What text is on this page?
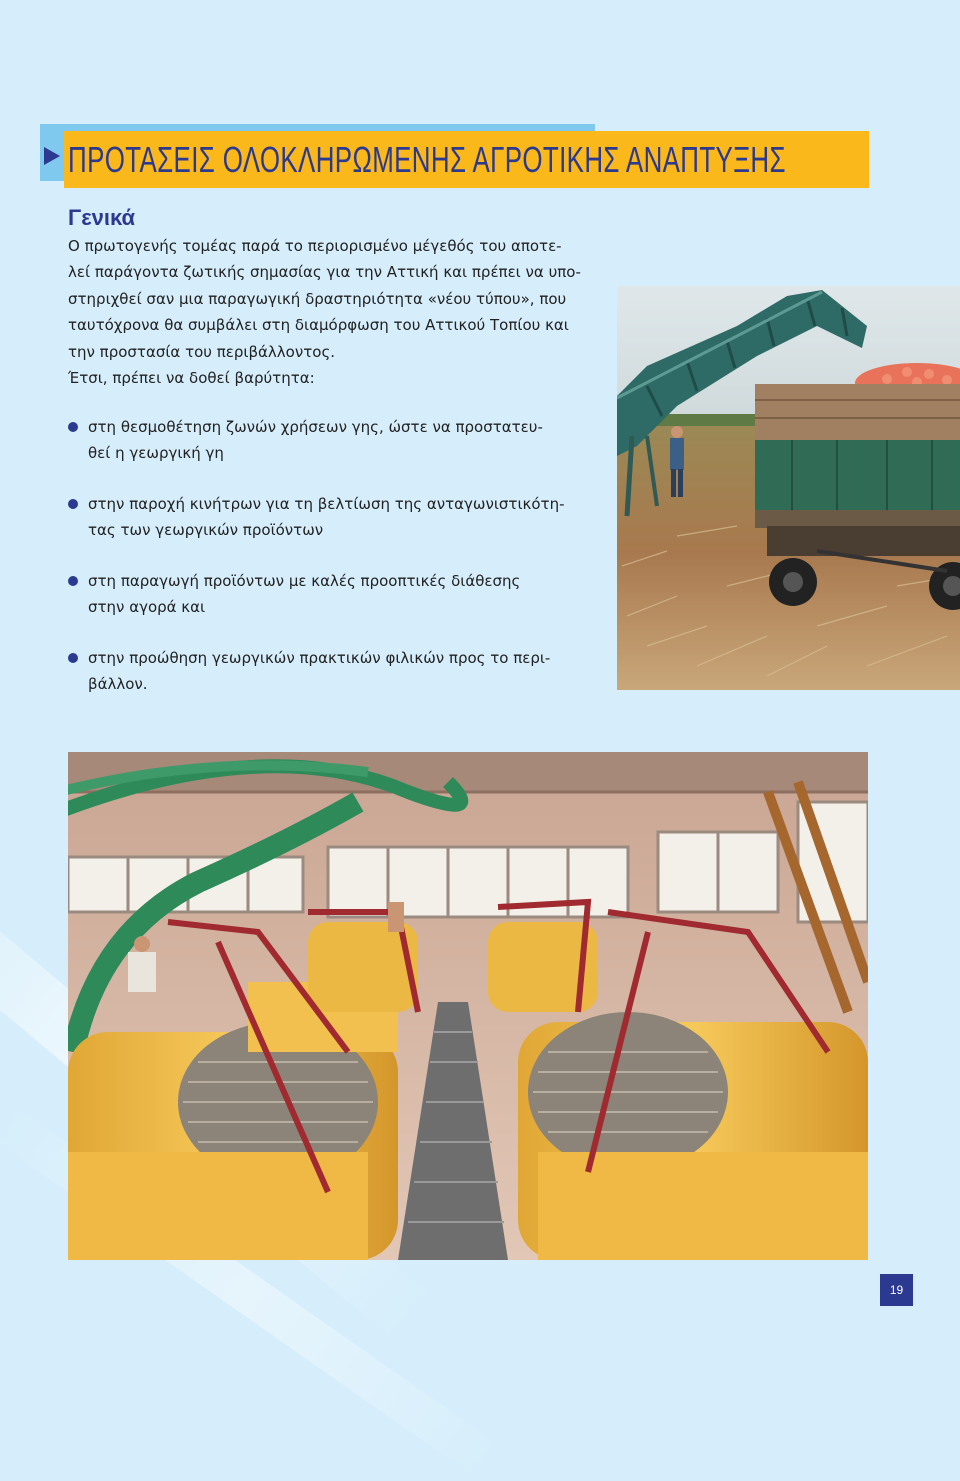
ΠΡΟΤΑΣΕΙΣ ΟΛΟΚΛΗΡΩΜΕΝΗΣ ΑΓΡΟΤΙΚΗΣ ΑΝΑΠΤΥΞΗΣ
Γενικά

Ο πρωτογενής τομέας παρά το περιορισμένο μέγεθός του αποτε-
λεί παράγοντα ζωτικής σημασίας για την Αττική και πρέπει να υπο-
στηριχθεί σαν μια παραγωγική δραστηριότητα «νέου τύπου», που
ταυτόχρονα θα συμβάλει στη διαμόρφωση του Αττικού Τοπίου και
την προστασία του περιβάλλοντος.
Έτσι, πρέπει να δοθεί βαρύτητα:

στη θεσμοθέτηση ζωνών χρήσεων γης, ώστε να προστατευ-
θεί η γεωργική γη
στην παροχή κινήτρων για τη βελτίωση της ανταγωνιστικότη-
τας των γεωργικών προϊόντων
στη παραγωγή προϊόντων με καλές προοπτικές διάθεσης
στην αγορά και
στην προώθηση γεωργικών πρακτικών φιλικών προς το περι-
βάλλον.
19
